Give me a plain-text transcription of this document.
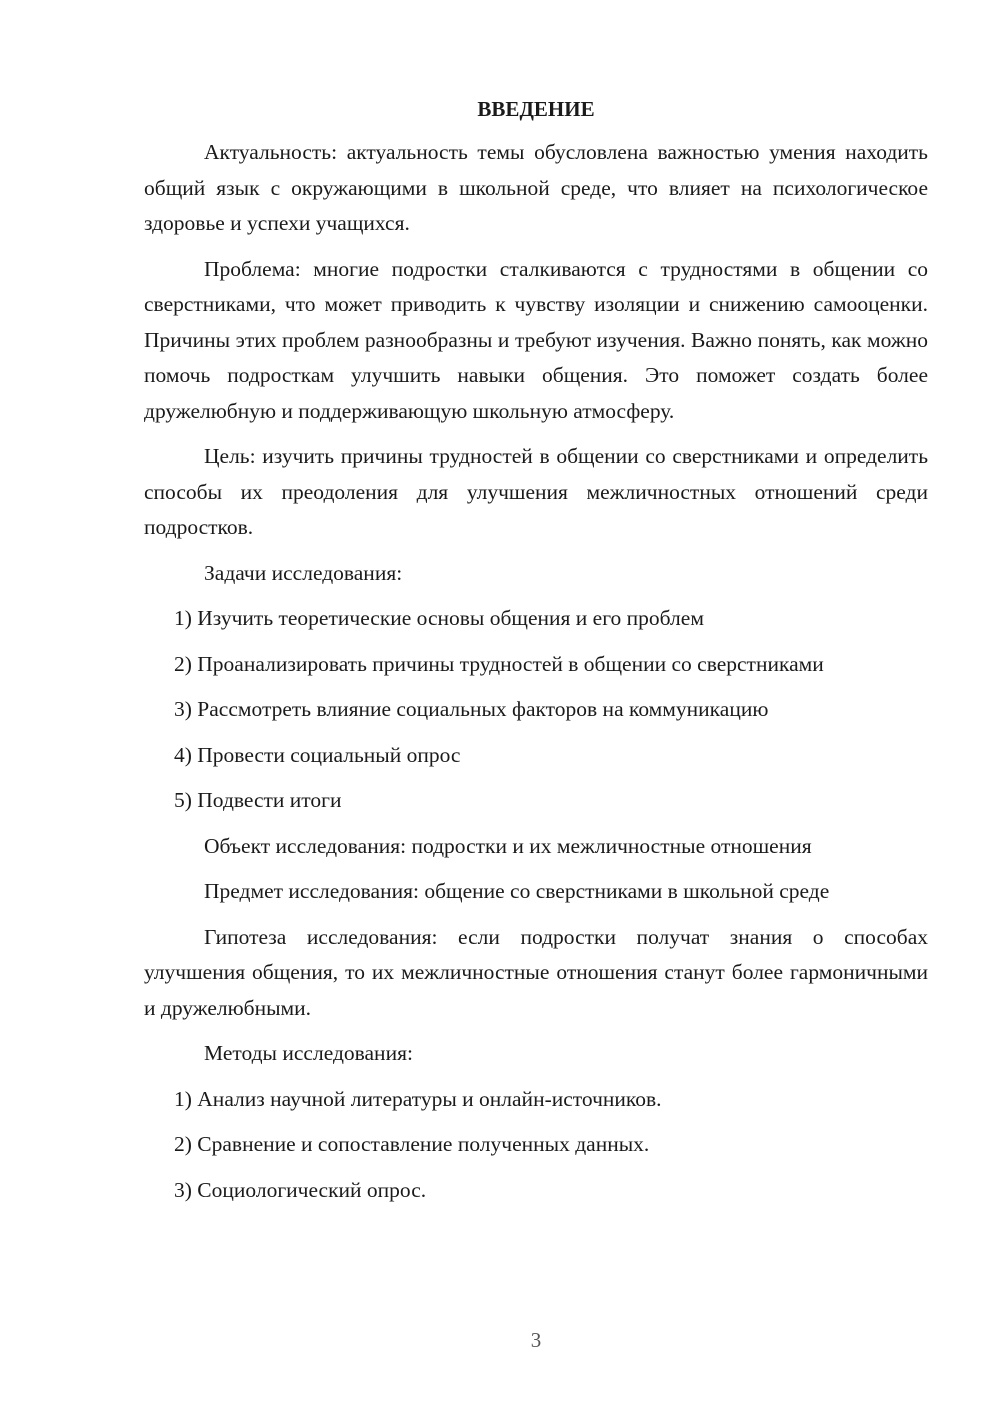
ВВЕДЕНИЕ

Актуальность: актуальность темы обусловлена важностью умения находить общий язык с окружающими в школьной среде, что влияет на психологическое здоровье и успехи учащихся.

Проблема: многие подростки сталкиваются с трудностями в общении со сверстниками, что может приводить к чувству изоляции и снижению самооценки. Причины этих проблем разнообразны и требуют изучения. Важно понять, как можно помочь подросткам улучшить навыки общения. Это поможет создать более дружелюбную и поддерживающую школьную атмосферу.

Цель: изучить причины трудностей в общении со сверстниками и определить способы их преодоления для улучшения межличностных отношений среди подростков.

Задачи исследования:

1) Изучить теоретические основы общения и его проблем

2) Проанализировать причины трудностей в общении со сверстниками

3) Рассмотреть влияние социальных факторов на коммуникацию

4) Провести социальный опрос

5) Подвести итоги

Объект исследования: подростки и их межличностные отношения

Предмет исследования: общение со сверстниками в школьной среде

Гипотеза исследования: если подростки получат знания о способах улучшения общения, то их межличностные отношения станут более гармоничными и дружелюбными.

Методы исследования:

1) Анализ научной литературы и онлайн-источников.

2) Сравнение и сопоставление полученных данных.

3) Социологический опрос.

3
